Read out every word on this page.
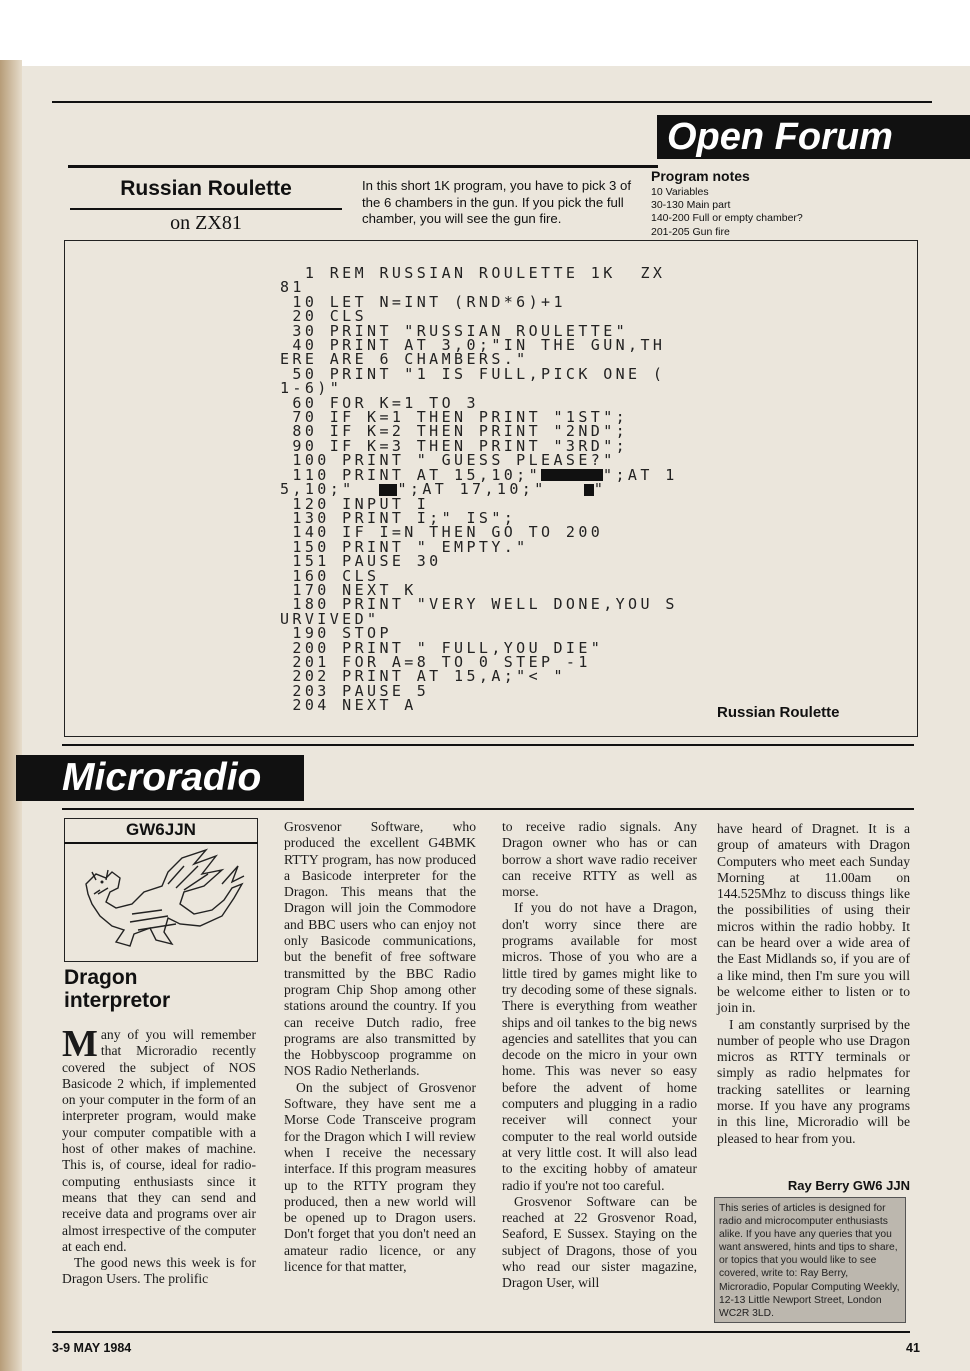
Open Forum
Russian Roulette
on ZX81
In this short 1K program, you have to pick 3 of the 6 chambers in the gun. If you pick the full chamber, you will see the gun fire.
Program notes
10 Variables
30-130 Main part
140-200 Full or empty chamber?
201-205 Gun fire
1 REM RUSSIAN ROULETTE 1K  ZX
81
10 LET N=INT (RND*6)+1
20 CLS
30 PRINT "RUSSIAN ROULETTE"
40 PRINT AT 3,0;"IN THE GUN,TH
ERE ARE 6 CHAMBERS."
50 PRINT "1 IS FULL,PICK ONE (
1-6)"
60 FOR K=1 TO 3
70 IF K=1 THEN PRINT "1ST";
80 IF K=2 THEN PRINT "2ND";
90 IF K=3 THEN PRINT "3RD";
100 PRINT " GUESS PLEASE?"
110 PRINT AT 15,10;"	";AT 1
5,10;"  ";AT 17,10;"   "
120 INPUT I
130 PRINT I;" IS";
140 IF I=N THEN GO TO 200
150 PRINT " EMPTY."
151 PAUSE 30
160 CLS
170 NEXT K
180 PRINT "VERY WELL DONE,YOU S
URVIVED"
190 STOP
200 PRINT " FULL,YOU DIE"
201 FOR A=8 TO 0 STEP -1
202 PRINT AT 15,A;"< "
203 PAUSE 5
204 NEXT A	Russian Roulette
Microradio
GW6JJN
Dragon
interpretor

Many of you will remember that Microradio recently covered the subject of NOS Basicode 2 which, if implemented on your computer in the form of an interpreter program, would make your computer compatible with a host of other makes of machine. This is, of course, ideal for radio-computing enthusiasts since it means that they can send and receive data and programs over air almost irrespective of the computer at each end.

The good news this week is for Dragon Users. The prolific

Grosvenor Software, who produced the excellent G4BMK RTTY program, has now produced a Basicode interpreter for the Dragon. This means that the Dragon will join the Commodore and BBC users who can enjoy not only Basicode communications, but the benefit of free software transmitted by the BBC Radio program Chip Shop among other stations around the country. If you can receive Dutch radio, free programs are also transmitted by the Hobbyscoop programme on NOS Radio Netherlands.

On the subject of Grosvenor Software, they have sent me a Morse Code Transceive program for the Dragon which I will review when I receive the necessary interface. If this program measures up to the RTTY program they produced, then a new world will be opened up to Dragon users. Don't forget that you don't need an amateur radio licence, or any licence for that matter,

to receive radio signals. Any Dragon owner who has or can borrow a short wave radio receiver can receive RTTY as well as morse.

If you do not have a Dragon, don't worry since there are programs available for most micros. Those of you who are a little tired by games might like to try decoding some of these signals. There is everything from weather ships and oil tankes to the big news agencies and satellites that you can decode on the micro in your own home. This was never so easy before the advent of home computers and plugging in a radio receiver will connect your computer to the real world outside at very little cost. It will also lead to the exciting hobby of amateur radio if you're not too careful.

Grosvenor Software can be reached at 22 Grosvenor Road, Seaford, E Sussex. Staying on the subject of Dragons, those of you who read our sister magazine, Dragon User, will

have heard of Dragnet. It is a group of amateurs with Dragon Computers who meet each Sunday Morning at 11.00am on 144.525Mhz to discuss things like the possibilities of using their micros within the radio hobby. It can be heard over a wide area of the East Midlands so, if you are of a like mind, then I'm sure you will be welcome either to listen or to join in.

I am constantly surprised by the number of people who use Dragon micros as RTTY terminals or simply as radio helpmates for tracking satellites or learning morse. If you have any programs in this line, Microradio will be pleased to hear from you.

Ray Berry GW6 JJN
This series of articles is designed for radio and microcomputer enthusiasts alike. If you have any queries that you want answered, hints and tips to share, or topics that you would like to see covered, write to: Ray Berry, Microradio, Popular Computing Weekly, 12-13 Little Newport Street, London WC2R 3LD.
3-9 MAY 1984	41
